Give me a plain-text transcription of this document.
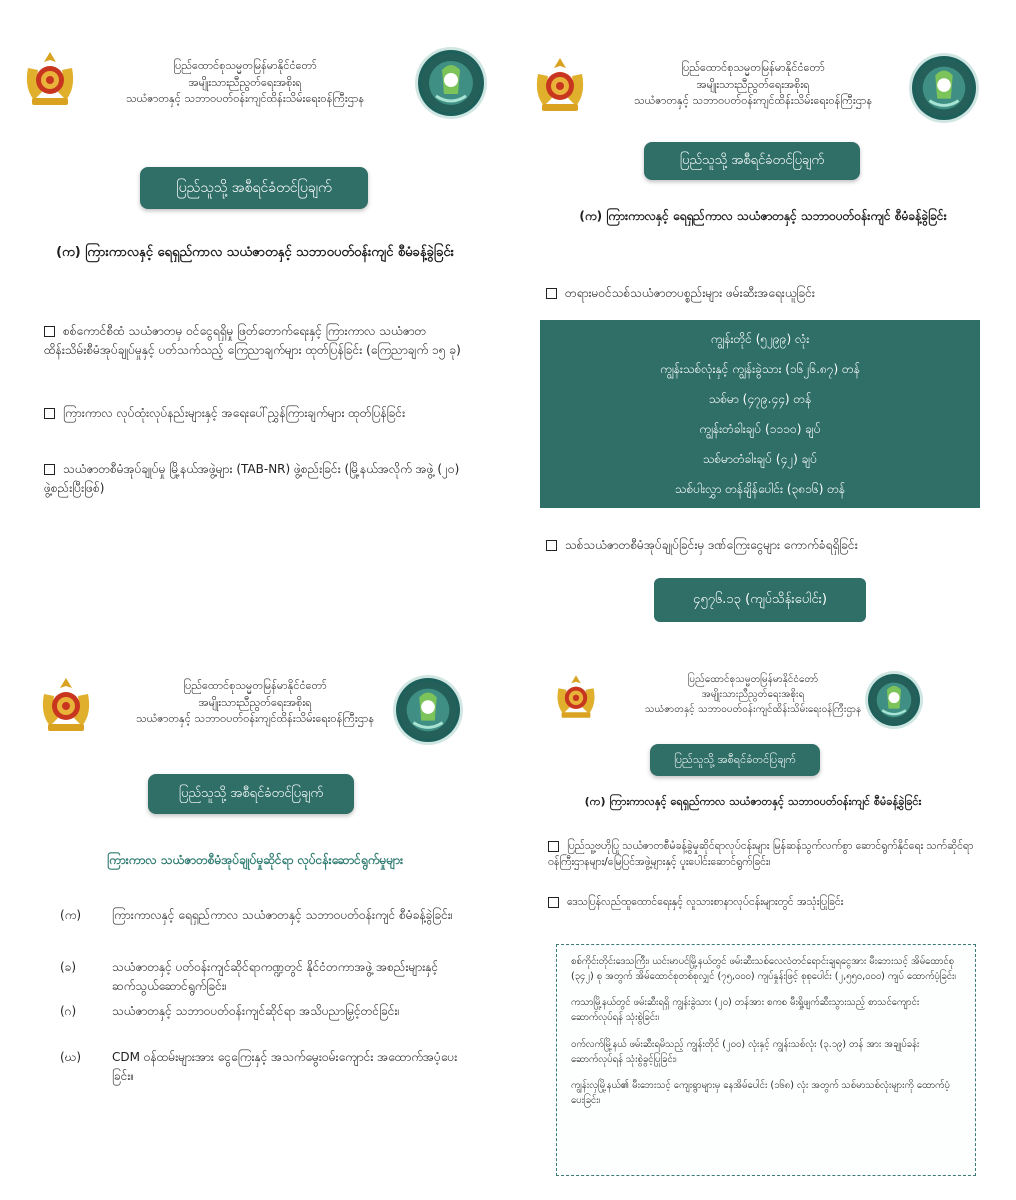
ပြည်ထောင်စုသမ္မတမြန်မာနိုင်ငံတော်
အမျိုးသားညီညွတ်ရေးအစိုးရ
သယံဇာတနှင့် သဘာဝပတ်ဝန်းကျင်ထိန်းသိမ်းရေးဝန်ကြီးဌာန
ပြည်သူသို့ အစီရင်ခံတင်ပြချက်
(က) ကြားကာလနှင့် ရေရှည်ကာလ သယံဇာတနှင့် သဘာဝပတ်ဝန်းကျင် စီမံခန့်ခွဲခြင်း
စစ်ကောင်စီထံ သယံဇာတမှ ဝင်ငွေရရှိမှု ဖြတ်တောက်ရေးနှင့် ကြားကာလ သယံဇာတထိန်းသိမ်းစီမံအုပ်ချုပ်မှုနှင့် ပတ်သက်သည့် ကြေညာချက်များ ထုတ်ပြန်ခြင်း (ကြေညာချက် ၁၅ ခု)
ကြားကာလ လုပ်ထုံးလုပ်နည်းများနှင့် အရေးပေါ်ညွှန်ကြားချက်များ ထုတ်ပြန်ခြင်း
သယံဇာတစီမံအုပ်ချုပ်မှု မြို့နယ်အဖွဲ့များ (TAB-NR) ဖွဲ့စည်းခြင်း (မြို့နယ်အလိုက် အဖွဲ့ (၂၀) ဖွဲ့စည်းပြီးဖြစ်)
ပြည်ထောင်စုသမ္မတမြန်မာနိုင်ငံတော်
အမျိုးသားညီညွတ်ရေးအစိုးရ
သယံဇာတနှင့် သဘာဝပတ်ဝန်းကျင်ထိန်းသိမ်းရေးဝန်ကြီးဌာန
ပြည်သူသို့ အစီရင်ခံတင်ပြချက်
(က) ကြားကာလနှင့် ရေရှည်ကာလ သယံဇာတနှင့် သဘာဝပတ်ဝန်းကျင် စီမံခန့်ခွဲခြင်း
တရားမဝင်သစ်သယံဇာတပစ္စည်းများ ဖမ်းဆီးအရေးယူခြင်း
ကျွန်းတိုင် (၅၂၉၉) လုံး
ကျွန်းသစ်လုံးနှင့် ကျွန်းခွဲသား (၁၆၂၆.၈၇) တန်
သစ်မာ (၄၇၉.၄၄) တန်
ကျွန်းတံခါးချပ် (၁၁၁၀) ချပ်
သစ်မာတံခါးချပ် (၄၂) ချပ်
သစ်ပါးလွှာ တန်ချိန်ပေါင်း (၃၈၁၆) တန်
သစ်သယံဇာတစီမံအုပ်ချုပ်ခြင်းမှ ဒဏ်ကြေးငွေများ ကောက်ခံရရှိခြင်း
၄၅၇၆.၁၃ (ကျပ်သိန်းပေါင်း)
ပြည်ထောင်စုသမ္မတမြန်မာနိုင်ငံတော်
အမျိုးသားညီညွတ်ရေးအစိုးရ
သယံဇာတနှင့် သဘာဝပတ်ဝန်းကျင်ထိန်းသိမ်းရေးဝန်ကြီးဌာန
ပြည်သူသို့ အစီရင်ခံတင်ပြချက်
ကြားကာလ သယံဇာတစီမံအုပ်ချုပ်မှုဆိုင်ရာ လုပ်ငန်းဆောင်ရွက်မှုများ
(က)	ကြားကာလနှင့် ရေရှည်ကာလ သယံဇာတနှင့် သဘာဝပတ်ဝန်းကျင် စီမံခန့်ခွဲခြင်း၊
(ခ)	သယံဇာတနှင့် ပတ်ဝန်းကျင်ဆိုင်ရာကဏ္ဍတွင် နိုင်ငံတကာအဖွဲ့ အစည်းများနှင့် ဆက်သွယ်ဆောင်ရွက်ခြင်း၊
(ဂ)	သယံဇာတနှင့် သဘာဝပတ်ဝန်းကျင်ဆိုင်ရာ အသိပညာမြှင့်တင်ခြင်း၊
(ဃ)	CDM ဝန်ထမ်းများအား ငွေကြေးနှင့် အသက်မွေးဝမ်းကျောင်း အထောက်အပံ့ပေးခြင်း။
ပြည်ထောင်စုသမ္မတမြန်မာနိုင်ငံတော်
အမျိုးသားညီညွတ်ရေးအစိုးရ
သယံဇာတနှင့် သဘာဝပတ်ဝန်းကျင်ထိန်းသိမ်းရေးဝန်ကြီးဌာန
ပြည်သူသို့ အစီရင်ခံတင်ပြချက်
(က) ကြားကာလနှင့် ရေရှည်ကာလ သယံဇာတနှင့် သဘာဝပတ်ဝန်းကျင် စီမံခန့်ခွဲခြင်း
ပြည်သူ့ဗဟိုပြု သယံဇာတစီမံခန့်ခွဲမှုဆိုင်ရာလုပ်ငန်းများ မြန်ဆန်သွက်လက်စွာ ဆောင်ရွက်နိုင်ရေး သက်ဆိုင်ရာ ဝန်ကြီးဌာနများ/မြေပြင်အဖွဲ့များနှင့် ပူးပေါင်းဆောင်ရွက်ခြင်း၊
ဒေသပြန်လည်ထူထောင်ရေးနှင့် လူသားစာနာလုပ်ငန်းများတွင် အသုံးပြုခြင်း

စစ်ကိုင်းတိုင်းဒေသကြီး၊ ယင်းမာပင်မြို့နယ်တွင် ဖမ်းဆီးသစ်လေလံတင်ရောင်းချရငွေအား မီးဘေးသင့် အိမ်ထောင်စု (၃၄၂) စု အတွက် အိမ်ထောင်စုတစ်စုလျှင် (၇၅,၀၀၀) ကျပ်နှုန်းဖြင့် စုစုပေါင်း (၂,၅၅၀,၀၀၀) ကျပ် ထောက်ပံ့ခြင်း၊

ကသာမြို့နယ်တွင် ဖမ်းဆီးရရှိ ကျွန်းခွဲသား (၂၀) တန်အား စကစ မီးရှို့ဖျက်ဆီးသွားသည့် စာသင်ကျောင်း ဆောက်လုပ်ရန် သုံးစွဲခြင်း၊

ဝက်လက်မြို့နယ် ဖမ်းဆီးရမိသည့် ကျွန်းတိုင် (၂၀၀) လုံးနှင့် ကျွန်းသစ်လုံး (၃.၁၉) တန် အား အချုပ်ခန်း ဆောက်လုပ်ရန် သုံးစွဲခွင့်ပြုခြင်း၊

ကျွန်းလှမြို့နယ်၏ မီးဘေးသင့် ကျေးရွာများမှ နေအိမ်ပေါင်း (၁၆၈) လုံး အတွက် သစ်မာသစ်လုံးများကို ထောက်ပံ့ပေးခြင်း၊
